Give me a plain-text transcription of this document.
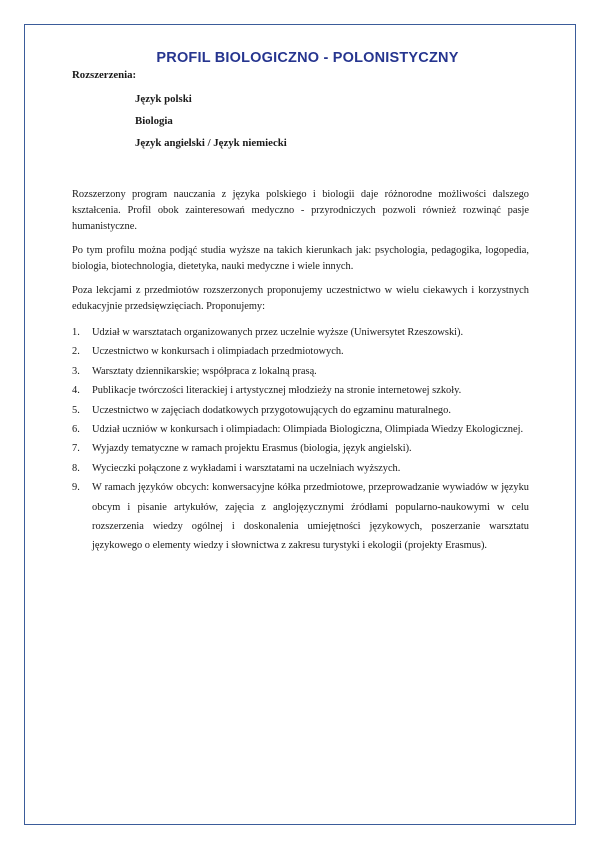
PROFIL BIOLOGICZNO - POLONISTYCZNY
Rozszerzenia:
Język polski
Biologia
Język angielski / Język niemiecki

Rozszerzony program nauczania z języka polskiego i biologii daje różnorodne możliwości dalszego kształcenia. Profil obok zainteresowań medyczno - przyrodniczych pozwoli również rozwinąć pasje humanistyczne.

Po tym profilu można podjąć studia wyższe na takich kierunkach jak: psychologia, pedagogika, logopedia, biologia, biotechnologia, dietetyka, nauki medyczne i wiele innych.

Poza lekcjami z przedmiotów rozszerzonych proponujemy uczestnictwo w wielu ciekawych i korzystnych edukacyjnie przedsięwzięciach. Proponujemy:

1. Udział w warsztatach organizowanych przez uczelnie wyższe (Uniwersytet Rzeszowski).
2. Uczestnictwo w konkursach i olimpiadach przedmiotowych.
3. Warsztaty dziennikarskie; współpraca z lokalną prasą.
4. Publikacje twórczości literackiej i artystycznej młodzieży na stronie internetowej szkoły.
5. Uczestnictwo w zajęciach dodatkowych przygotowujących do egzaminu maturalnego.
6. Udział uczniów w konkursach i olimpiadach: Olimpiada Biologiczna, Olimpiada Wiedzy Ekologicznej.
7. Wyjazdy tematyczne w ramach projektu Erasmus (biologia, język angielski).
8. Wycieczki połączone z wykładami i warsztatami na uczelniach wyższych.
9. W ramach języków obcych: konwersacyjne kółka przedmiotowe, przeprowadzanie wywiadów w języku obcym i pisanie artykułów, zajęcia z anglojęzycznymi źródłami popularno-naukowymi w celu rozszerzenia wiedzy ogólnej i doskonalenia umiejętności językowych, poszerzanie warsztatu językowego o elementy wiedzy i słownictwa z zakresu turystyki i ekologii (projekty Erasmus).
